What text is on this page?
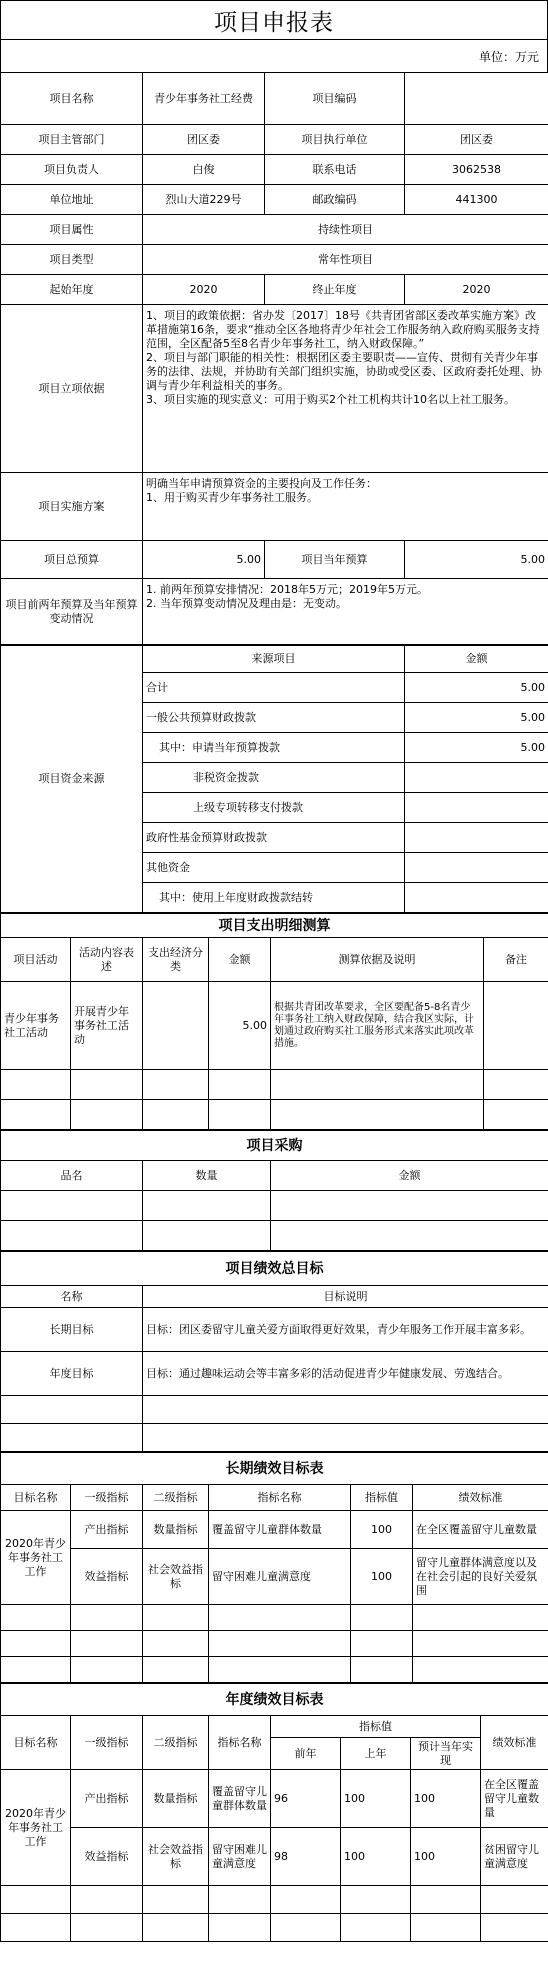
项目申报表
单位：万元
项目名称	青少年事务社工经费	项目编码	
项目主管部门	团区委	项目执行单位	团区委
项目负责人	白俊	联系电话	3062538
单位地址	烈山大道229号	邮政编码	441300
项目属性	持续性项目		
项目类型	常年性项目		
起始年度	2020	终止年度	2020
项目立项依据	1、项目的政策依据：省办发〔2017〕18号《共青团省部区委改革实施方案》改革措施第16条，要求“推动全区各地将青少年社会工作服务纳入政府购买服务支持范围，全区配备5至8名青少年事务社工，纳入财政保障。”
2、项目与部门职能的相关性：根据团区委主要职责——宣传、贯彻有关青少年事务的法律、法规，并协助有关部门组织实施，协助或受区委、区政府委托处理、协调与青少年利益相关的事务。
3、项目实施的现实意义：可用于购买2个社工机构共计10名以上社工服务。		
项目实施方案	明确当年申请预算资金的主要投向及工作任务：
1、用于购买青少年事务社工服务。		
项目总预算	5.00	项目当年预算	5.00
项目前两年预算及当年预算变动情况	1. 前两年预算安排情况：2018年5万元；2019年5万元。
2. 当年预算变动情况及理由是：无变动。		
项目资金来源	来源项目	金额
	合计	5.00
	一般公共预算财政拨款	5.00
	其中：申请当年预算拨款	5.00
	非税资金拨款	
	上级专项转移支付拨款	
	政府性基金预算财政拨款	
	其他资金	
	其中：使用上年度财政拨款结转	
项目支出明细测算					
项目活动	活动内容表述	支出经济分类	金额	测算依据及说明	备注
青少年事务社工活动	开展青少年事务社工活动		5.00	根据共青团改革要求，全区要配备5-8名青少年事务社工纳入财政保障，结合我区实际，计划通过政府购买社工服务形式来落实此项改革措施。	

项目采购		
品名	数量	金额

项目绩效总目标	
名称	目标说明
长期目标	目标：团区委留守儿童关爱方面取得更好效果，青少年服务工作开展丰富多彩。
年度目标	目标：通过趣味运动会等丰富多彩的活动促进青少年健康发展、劳逸结合。

长期绩效目标表					
目标名称	一级指标	二级指标	指标名称	指标值	绩效标准
2020年青少年事务社工工作	产出指标	数量指标	覆盖留守儿童群体数量	100	在全区覆盖留守儿童数量
	效益指标	社会效益指标	留守困难儿童满意度	100	留守儿童群体满意度以及在社会引起的良好关爱氛围

年度绩效目标表							
目标名称	一级指标	二级指标	指标名称	指标值			绩效标准
				前年	上年	预计当年实现	
2020年青少年事务社工工作	产出指标	数量指标	覆盖留守儿童群体数量	96	100	100	在全区覆盖留守儿童数量
	效益指标	社会效益指标	留守困难儿童满意度	98	100	100	贫困留守儿童满意度
